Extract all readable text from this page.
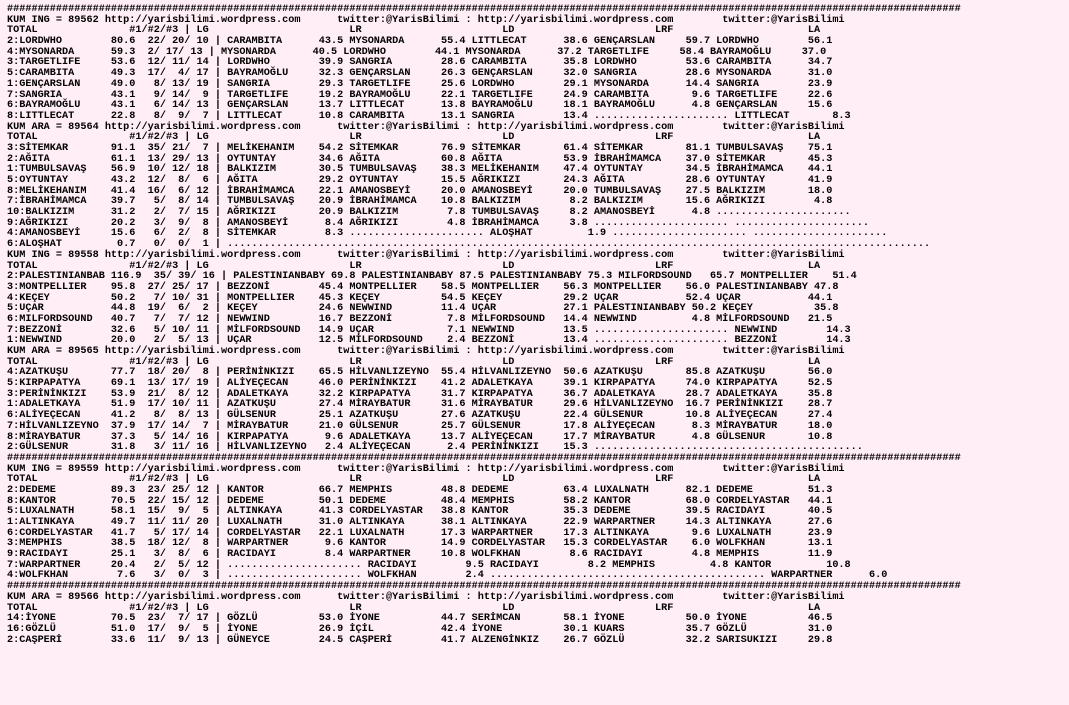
############################################################################################################################################################
KUM ING = 89562 http://yarisbilimi.wordpress.com      twitter:@YarisBilimi : http://yarisbilimi.wordpress.com        twitter:@YarisBilimi
TOTAL               #1/#2/#3 | LG                       LR                       LD                       LRF                      LA
2:LORDWHO        80.6  22/ 20/ 10 | CARAMBITA      43.5 MYSONARDA      55.4 LITTLECAT      38.6 GENÇARSLAN     59.7 LORDWHO        56.1
4:MYSONARDA      59.3  2/ 17/ 13 | MYSONARDA      40.5 LORDWHO        44.1 MYSONARDA      37.2 TARGETLIFE     58.4 BAYRAMOĞLU     37.0
3:TARGETLIFE     53.6  12/ 11/ 14 | LORDWHO        39.9 SANGRIA        28.6 CARAMBITA      35.8 LORDWHO        53.6 CARAMBITA      34.7
5:CARAMBITA      49.3  17/  4/ 17 | BAYRAMOĞLU     32.3 GENÇARSLAN     26.3 GENÇARSLAN     32.0 SANGRIA        28.6 MYSONARDA      31.0
1:GENÇARSLAN     49.0   8/ 13/ 19 | SANGRIA        29.3 TARGETLIFE     25.6 LORDWHO        29.1 MYSONARDA      14.4 SANGRIA        23.9
7:SANGRIA        43.1   9/ 14/  9 | TARGETLIFE     19.2 BAYRAMOĞLU     22.1 TARGETLIFE     24.9 CARAMBITA       9.6 TARGETLIFE     22.6
6:BAYRAMOĞLU     43.1   6/ 14/ 13 | GENÇARSLAN     13.7 LITTLECAT      13.8 BAYRAMOĞLU     18.1 BAYRAMOĞLU      4.8 GENÇARSLAN     15.6
8:LITTLECAT      22.8   8/  9/  7 | LITTLECAT      10.8 CARAMBITA      13.1 SANGRIA        13.4 ...................... LITTLECAT       8.3
KUM ARA = 89564 http://yarisbilimi.wordpress.com      twitter:@YarisBilimi : http://yarisbilimi.wordpress.com        twitter:@YarisBilimi
TOTAL               #1/#2/#3 | LG                       LR                       LD                       LRF                      LA
3:SİTEMKAR       91.1  35/ 21/  7 | MELİKEHANIM    54.2 SİTEMKAR       76.9 SİTEMKAR       61.4 SİTEMKAR       81.1 TUMBULSAVAŞ    75.1
2:AĞITA          61.1  13/ 29/ 13 | OYTUNTAY       34.6 AĞITA          60.8 AĞITA          53.9 İBRAHİMAMCA    37.0 SİTEMKAR       45.3
1:TUMBULSAVAŞ    56.9  10/ 12/ 18 | BALKIZIM       30.5 TUMBULSAVAŞ    38.3 MELİKEHANIM    47.4 OYTUNTAY       34.5 İBRAHİMAMCA    44.1
5:OYTUNTAY       43.2  12/  8/  6 | AĞITA          29.2 OYTUNTAY       15.5 AĞRIKIZI       24.3 AĞITA          28.6 OYTUNTAY       41.9
8:MELİKEHANIM    41.4  16/  6/ 12 | İBRAHİMAMCA    22.1 AMANOSBEYİ     20.0 AMANOSBEYİ     20.0 TUMBULSAVAŞ    27.5 BALKIZIM       18.0
7:İBRAHİMAMCA    39.7   5/  8/ 14 | TUMBULSAVAŞ    20.9 İBRAHİMAMCA    10.8 BALKIZIM        8.2 BALKIZIM       15.6 AĞRIKIZI        4.8
10:BALKIZIM      31.2   2/  7/ 15 | AĞRIKIZI       20.9 BALKIZIM        7.8 TUMBULSAVAŞ     8.2 AMANOSBEYİ      4.8 ......................
9:AĞRIKIZI       20.2   3/  9/  8 | AMANOSBEYİ      8.4 AĞRIKIZI        4.8 İBRAHİMAMCA     3.8 ...................... ......................
4:AMANOSBEYİ     15.6   6/  2/  8 | SİTEMKAR        8.3 ...................... ALOŞHAT         1.9 ...................... ......................
6:ALOŞHAT         0.7   0/  0/  1 | ...................................................................................................................
KUM ING = 89558 http://yarisbilimi.wordpress.com      twitter:@YarisBilimi : http://yarisbilimi.wordpress.com        twitter:@YarisBilimi
TOTAL               #1/#2/#3 | LG                       LR                       LD                       LRF                      LA
2:PALESTINIANBAB 116.9  35/ 39/ 16 | PALESTINIANBABY 69.8 PALESTINIANBABY 87.5 PALESTINIANBABY 75.3 MILFORDSOUND   65.7 MONTPELLIER    51.4
3:MONTPELLIER    95.8  27/ 25/ 17 | BEZZONİ        45.4 MONTPELLIER    58.5 MONTPELLIER    56.3 MONTPELLIER    56.0 PALESTINIANBABY 47.8
4:KEÇEY          50.2   7/ 10/ 31 | MONTPELLIER    45.3 KEÇEY          54.5 KEÇEY          29.2 UÇAR           52.4 UÇAR           44.1
5:UÇAR           44.8  19/  6/  2 | KEÇEY          24.6 NEWWIND        11.4 UÇAR           27.1 PALESTINIANBABY 50.2 KEÇEY          35.8
6:MILFORDSOUND   40.7   7/  7/ 12 | NEWWIND        16.7 BEZZONİ         7.8 MİLFORDSOUND   14.4 NEWWIND         4.8 MİLFORDSOUND   21.5
7:BEZZONİ        32.6   5/ 10/ 11 | MİLFORDSOUND   14.9 UÇAR            7.1 NEWWIND        13.5 ...................... NEWWIND        14.3
1:NEWWIND        20.0   2/  5/ 13 | UÇAR           12.5 MİLFORDSOUND    2.4 BEZZONİ        13.4 ...................... BEZZONİ        14.3
KUM ARA = 89565 http://yarisbilimi.wordpress.com      twitter:@YarisBilimi : http://yarisbilimi.wordpress.com        twitter:@YarisBilimi
TOTAL               #1/#2/#3 | LG                       LR                       LD                       LRF                      LA
4:AZATKUŞU       77.7  18/ 20/  8 | PERİNİNKIZI    65.5 HİLVANLIZEYNO  55.4 HİLVANLIZEYNO  50.6 AZATKUŞU       85.8 AZATKUŞU       56.0
5:KIRPAPATYA     69.1  13/ 17/ 19 | ALİYEÇECAN     46.0 PERİNİNKIZI    41.2 ADALETKAYA     39.1 KIRPAPATYA     74.0 KIRPAPATYA     52.5
3:PERİNİNKIZI    53.9  21/  8/ 12 | ADALETKAYA     32.2 KIRPAPATYA     31.7 KIRPAPATYA     36.7 ADALETKAYA     28.7 ADALETKAYA     35.8
1:ADALETKAYA     51.9  17/ 10/ 11 | AZATKUŞU       27.4 MİRAYBATUR     31.6 MİRAYBATUR     29.6 HİLVANLIZEYNO  16.7 PERİNİNKIZI    28.7
6:ALİYEÇECAN     41.2   8/  8/ 13 | GÜLSENUR       25.1 AZATKUŞU       27.6 AZATKUŞU       22.4 GÜLSENUR       10.8 ALİYEÇECAN     27.4
7:HİLVANLIZEYNO  37.9  17/ 14/  7 | MİRAYBATUR     21.0 GÜLSENUR       25.7 GÜLSENUR       17.8 ALİYEÇECAN      8.3 MİRAYBATUR     18.0
8:MİRAYBATUR     37.3   5/ 14/ 16 | KIRPAPATYA      9.6 ADALETKAYA     13.7 ALİYEÇECAN     17.7 MİRAYBATUR      4.8 GÜLSENUR       10.8
2:GÜLSENUR       31.8   3/ 11/ 16 | HİLVANLIZEYNO   2.4 ALİYEÇECAN      2.4 PERİNİNKIZI    15.3 ............................................
############################################################################################################################################################
KUM ING = 89559 http://yarisbilimi.wordpress.com      twitter:@YarisBilimi : http://yarisbilimi.wordpress.com        twitter:@YarisBilimi
TOTAL               #1/#2/#3 | LG                       LR                       LD                       LRF                      LA
2:DEDEME         89.3  23/ 25/ 12 | KANTOR         66.7 MEMPHIS        48.8 DEDEME         63.4 LUXALNATH      82.1 DEDEME         51.3
8:KANTOR         70.5  22/ 15/ 12 | DEDEME         50.1 DEDEME         48.4 MEMPHIS        58.2 KANTOR         68.0 CORDELYASTAR   44.1
5:LUXALNATH      58.1  15/  9/  5 | ALTINKAYA      41.3 CORDELYASTAR   38.8 KANTOR         35.3 DEDEME         39.5 RACIDAYI       40.5
1:ALTINKAYA      49.7  11/ 11/ 20 | LUXALNATH      31.0 ALTINKAYA      38.1 ALTINKAYA      22.9 WARPARTNER     14.3 ALTINKAYA      27.6
6:CORDELYASTAR   41.7   5/ 17/ 14 | CORDELYASTAR   22.1 LUXALNATH      17.3 WARPARTNER     17.3 ALTINKAYA       9.6 LUXALNATH      23.9
3:MEMPHIS        38.5  18/ 12/  8 | WARPARTNER      9.6 KANTOR         14.9 CORDELYASTAR   15.3 CORDELYASTAR    6.0 WOLFKHAN       13.1
9:RACIDAYI       25.1   3/  8/  6 | RACIDAYI        8.4 WARPARTNER     10.8 WOLFKHAN        8.6 RACIDAYI        4.8 MEMPHIS        11.9
7:WARPARTNER     20.4   2/  5/ 12 | ...................... RACIDAYI        9.5 RACIDAYI        8.2 MEMPHIS         4.8 KANTOR         10.8
4:WOLFKHAN        7.6   3/  0/  3 | ...................... WOLFKHAN        2.4 ............................................. WARPARTNER      6.0
############################################################################################################################################################
KUM ARA = 89566 http://yarisbilimi.wordpress.com      twitter:@YarisBilimi : http://yarisbilimi.wordpress.com        twitter:@YarisBilimi
TOTAL               #1/#2/#3 | LG                       LR                       LD                       LRF                      LA
14:İYONE         70.5  23/  7/ 17 | GÖZLÜ          53.0 İYONE          44.7 SERİMCAN       58.1 İYONE          50.0 İYONE          46.5
16:GÖZLÜ         51.0  17/  9/  5 | İYONE          26.9 İÇİL           42.4 İYONE          30.1 KUARS          35.7 GÖZLÜ          31.0
2:CAŞPERİ        33.6  11/  9/ 13 | GÜNEYCE        24.5 CAŞPERİ        41.7 ALZENGİNKIZ    26.7 GÖZLÜ          32.2 SARISUKIZI     29.8
